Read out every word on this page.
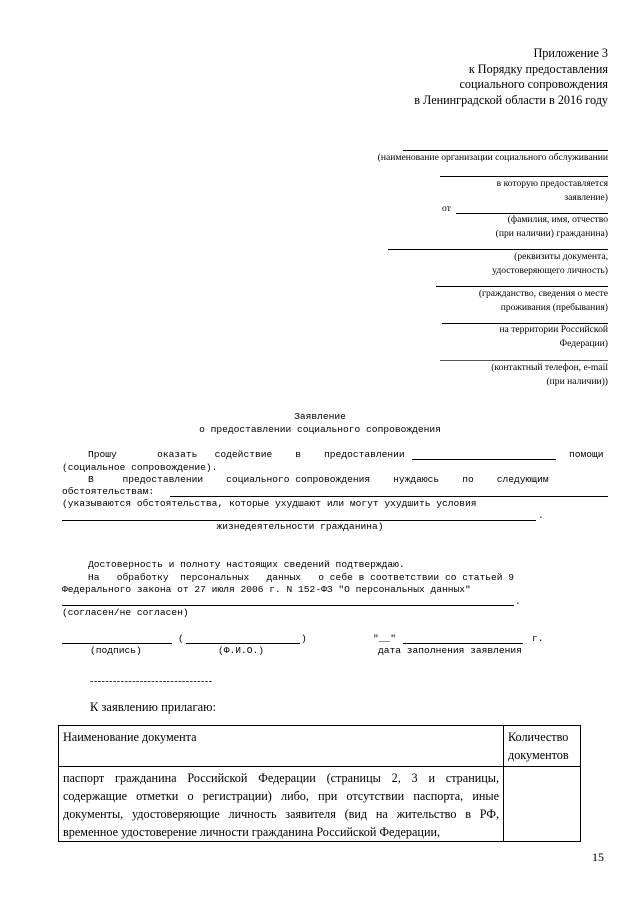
Приложение 3
к Порядку предоставления
социального сопровождения
в Ленинградской области в 2016 году
(наименование организации социального обслуживании
в которую предоставляется
заявление)
от
(фамилия, имя, отчество
(при наличии) гражданина)
(реквизиты документа,
удостоверяющего личность)
(гражданство, сведения о месте
проживания (пребывания)
на территории Российской
Федерации)
(контактный телефон, e-mail
(при наличии))
Заявление
о предоставлении социального сопровождения
Прошу       оказать   содействие    в    предоставлении	помощи
(социальное сопровождение).
В     предоставлении    социального сопровождения    нуждаюсь    по    следующим
обстоятельствам:
(указываются обстоятельства, которые ухудшают или могут ухудшить условия
.
жизнедеятельности гражданина)
Достоверность и полноту настоящих сведений подтверждаю.
На   обработку  персональных   данных   о себе в соответствии со статьей 9
Федерального закона от 27 июля 2006 г. N 152-ФЗ "О персональных данных"
.
(согласен/не согласен)
(	)	"__"	г.
(подпись)	(Ф.И.О.)	дата заполнения заявления
--------------------------------
К заявлению прилагаю:
Наименование документа	Количество документов
паспорт гражданина Российской Федерации (страницы 2, 3 и страницы, содержащие отметки о регистрации) либо, при отсутствии паспорта, иные документы, удостоверяющие личность заявителя (вид на жительство в РФ, временное удостоверение личности гражданина Российской Федерации,	
15
